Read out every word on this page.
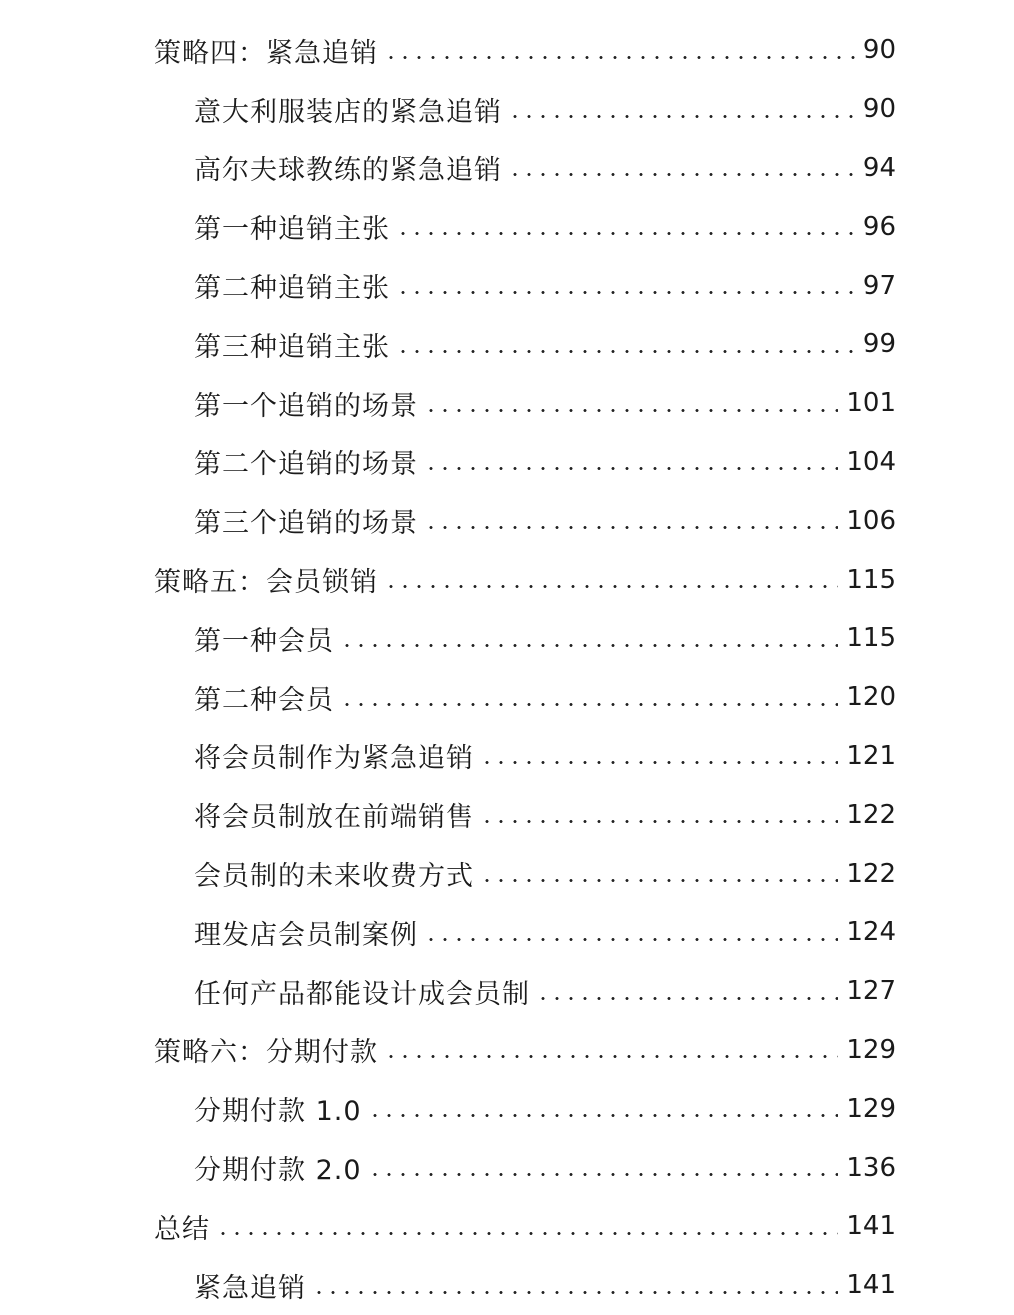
策略四：紧急追销	90
意大利服装店的紧急追销	90
高尔夫球教练的紧急追销	94
第一种追销主张	96
第二种追销主张	97
第三种追销主张	99
第一个追销的场景	101
第二个追销的场景	104
第三个追销的场景	106
策略五：会员锁销	115
第一种会员	115
第二种会员	120
将会员制作为紧急追销	121
将会员制放在前端销售	122
会员制的未来收费方式	122
理发店会员制案例	124
任何产品都能设计成会员制	127
策略六：分期付款	129
分期付款 1.0	129
分期付款 2.0	136
总结	141
紧急追销	141
